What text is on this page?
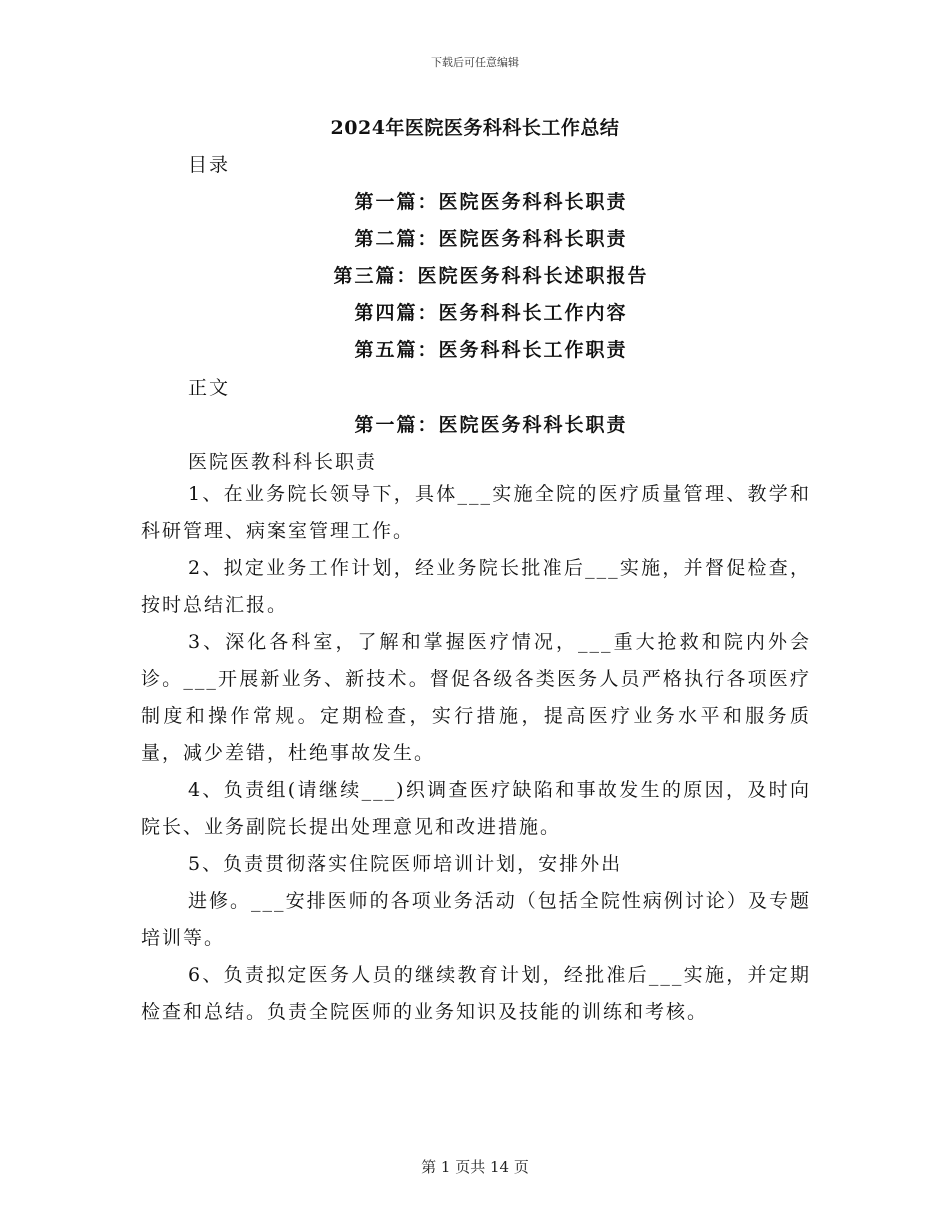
下载后可任意编辑
2024年医院医务科科长工作总结
目录
第一篇：医院医务科科长职责
第二篇：医院医务科科长职责
第三篇：医院医务科科长述职报告
第四篇：医务科科长工作内容
第五篇：医务科科长工作职责
正文
第一篇：医院医务科科长职责
医院医教科科长职责

1、在业务院长领导下，具体___实施全院的医疗质量管理、教学和科研管理、病案室管理工作。

2、拟定业务工作计划，经业务院长批准后___实施，并督促检查，按时总结汇报。

3、深化各科室，了解和掌握医疗情况，___重大抢救和院内外会诊。___开展新业务、新技术。督促各级各类医务人员严格执行各项医疗制度和操作常规。定期检查，实行措施，提高医疗业务水平和服务质量，减少差错，杜绝事故发生。

4、负责组(请继续___)织调查医疗缺陷和事故发生的原因，及时向院长、业务副院长提出处理意见和改进措施。

5、负责贯彻落实住院医师培训计划，安排外出

进修。___安排医师的各项业务活动（包括全院性病例讨论）及专题培训等。

6、负责拟定医务人员的继续教育计划，经批准后___实施，并定期检查和总结。负责全院医师的业务知识及技能的训练和考核。

第 1 页共 14 页
